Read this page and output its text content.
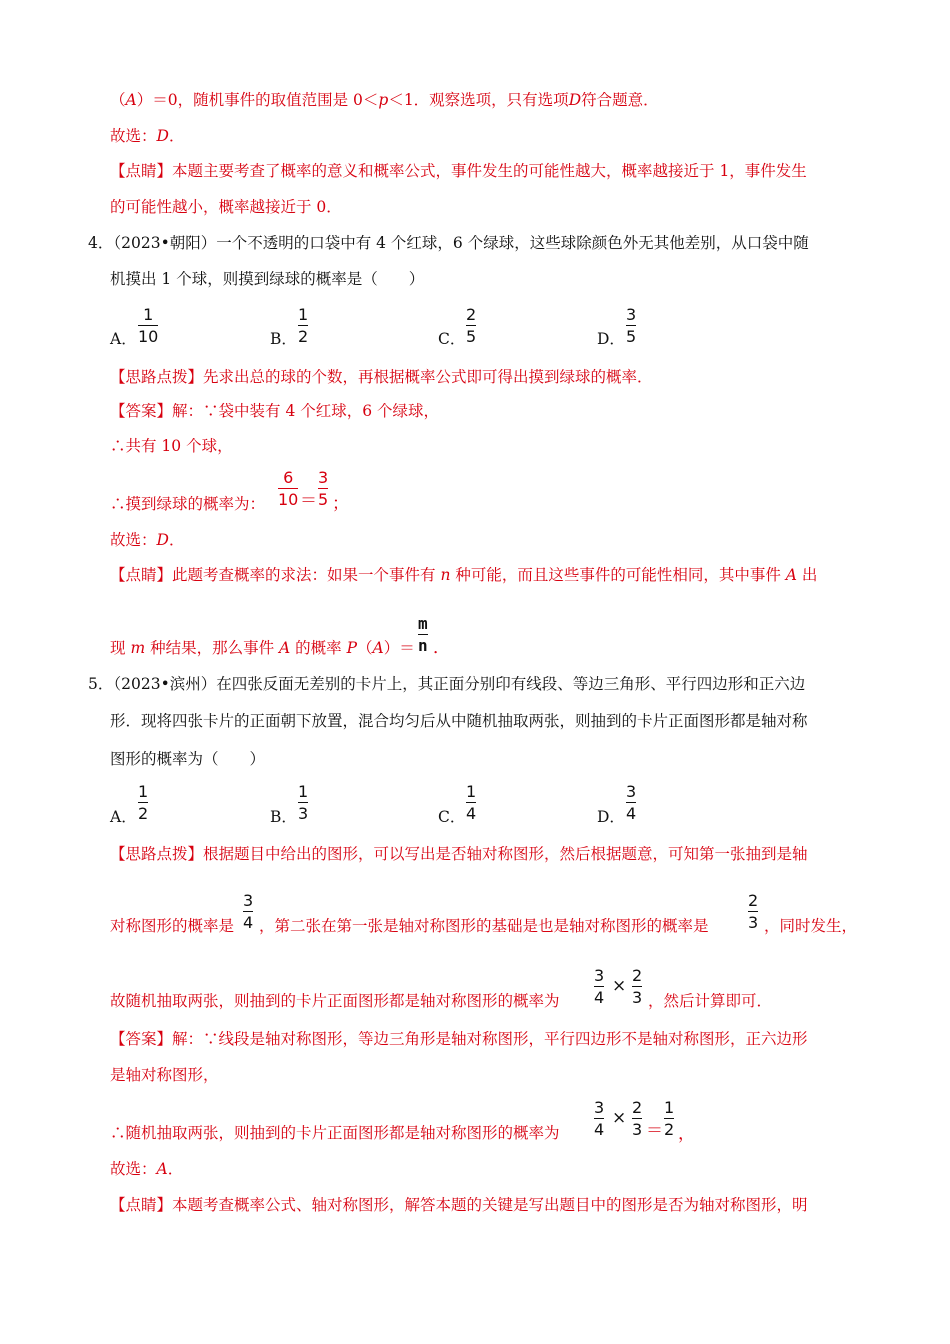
（A）＝0，随机事件的取值范围是 0＜p＜1．观察选项，只有选项D符合题意．
故选：D．
【点睛】本题主要考查了概率的意义和概率公式，事件发生的可能性越大，概率越接近于 1，事件发生
的可能性越小，概率越接近于 0．
4．（2023•朝阳）一个不透明的口袋中有 4 个红球，6 个绿球，这些球除颜色外无其他差别，从口袋中随
机摸出 1 个球，则摸到绿球的概率是（　　）
A．
1
10	B．
1
2	C．
2
5	D．
3
5
【思路点拨】先求出总的球的个数，再根据概率公式即可得出摸到绿球的概率．
【答案】解：∵袋中装有 4 个红球，6 个绿球，
∴共有 10 个球，
∴摸到绿球的概率为：
6
10 ＝
3
5 ；
故选：D．
【点睛】此题考查概率的求法：如果一个事件有 n 种可能，而且这些事件的可能性相同，其中事件 A 出
现 m 种结果，那么事件 A 的概率 P（A）＝
m
n ．
5．（2023•滨州）在四张反面无差别的卡片上，其正面分别印有线段、等边三角形、平行四边形和正六边
形．现将四张卡片的正面朝下放置，混合均匀后从中随机抽取两张，则抽到的卡片正面图形都是轴对称
图形的概率为（　　）
A．
1
2	B．
1
3	C．
1
4	D．
3
4
【思路点拨】根据题目中给出的图形，可以写出是否轴对称图形，然后根据题意，可知第一张抽到是轴
对称图形的概率是
3
4 ，第二张在第一张是轴对称图形的基础是也是轴对称图形的概率是
2
3 ，同时发生，
故随机抽取两张，则抽到的卡片正面图形都是轴对称图形的概率为
3
4
×
2
3 ，然后计算即可．
【答案】解：∵线段是轴对称图形，等边三角形是轴对称图形，平行四边形不是轴对称图形，正六边形
是轴对称图形，
∴随机抽取两张，则抽到的卡片正面图形都是轴对称图形的概率为
3
4
×
2
3 ＝
1
2 ，
故选：A．
【点睛】本题考查概率公式、轴对称图形，解答本题的关键是写出题目中的图形是否为轴对称图形，明
